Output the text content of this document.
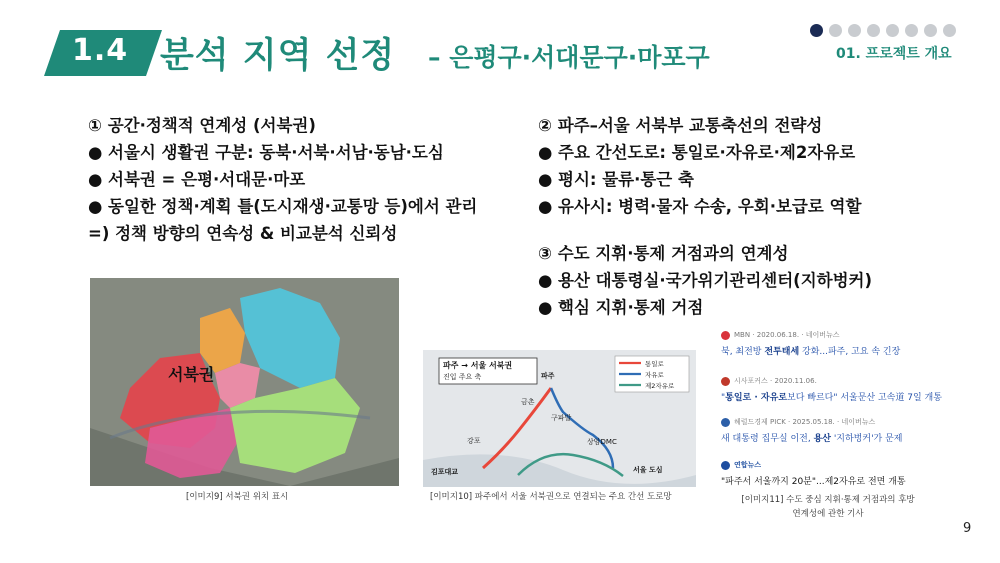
1.4 분석 지역 선정 – 은평구·서대문구·마포구	01. 프로젝트 개요
① 공간·정책적 연계성 (서북권)
● 서울시 생활권 구분: 동북·서북·서남·동남·도심
● 서북권 = 은평·서대문·마포
● 동일한 정책·계획 틀(도시재생·교통망 등)에서 관리
=) 정책 방향의 연속성 & 비교분석 신뢰성
② 파주–서울 서북부 교통축선의 전략성
● 주요 간선도로: 통일로·자유로·제2자유로
● 평시: 물류·통근 축
● 유사시: 병력·물자 수송, 우회·보급로 역할
③ 수도 지휘·통제 거점과의 연계성
● 용산 대통령실·국가위기관리센터(지하벙커)
● 핵심 지휘·통제 거점
서북권
[이미지9] 서북권 위치 표시
파주 → 서울 서북권
진입 주요 축
통일로
자유로
제2자유로
파주
금촌
구파발
강포	상암DMC
김포대교	서울 도심
[이미지10] 파주에서 서울 서북권으로 연결되는 주요 간선 도로망
MBN · 2020.06.18. · 네이버뉴스
북, 최전방 전투태세 강화...파주, 고요 속 긴장
시사포커스 · 2020.11.06.
"통일로 · 자유로보다 빠르다" 서울문산 고속道 7일 개통
헤럴드경제 PICK · 2025.05.18. · 네이버뉴스
새 대통령 집무실 이전, 용산 '지하벙커'가 문제
연합뉴스
"파주서 서울까지 20분"...제2자유로 전면 개통
[이미지11] 수도 중심 지휘·통제 거점과의 후방
연계성에 관한 기사
9
